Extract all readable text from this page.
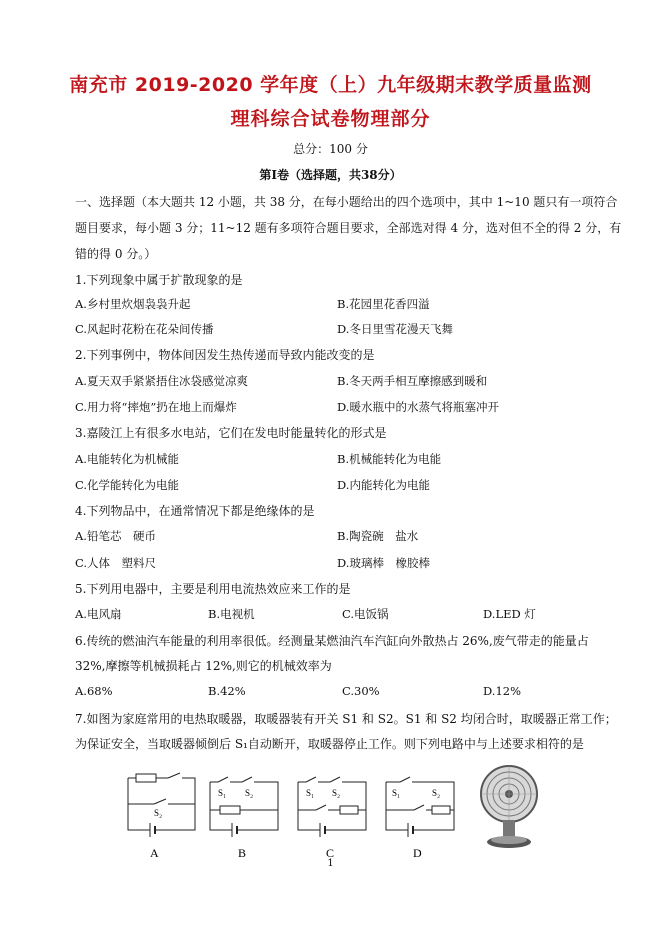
南充市 2019-2020 学年度（上）九年级期末教学质量监测
理科综合试卷物理部分
总分：100 分
第Ⅰ卷（选择题，共38分）
一、选择题（本大题共 12 小题，共 38 分，在每小题给出的四个选项中，其中 1~10 题只有一项符合
题目要求，每小题 3 分；11~12 题有多项符合题目要求，全部选对得 4 分，选对但不全的得 2 分，有
错的得 0 分。）
1.下列现象中属于扩散现象的是
A.乡村里炊烟袅袅升起	B.花园里花香四溢
C.风起时花粉在花朵间传播	D.冬日里雪花漫天飞舞
2.下列事例中，物体间因发生热传递而导致内能改变的是
A.夏天双手紧紧捂住冰袋感觉凉爽	B.冬天两手相互摩擦感到暖和
C.用力将“摔炮”扔在地上而爆炸	D.暖水瓶中的水蒸气将瓶塞冲开
3.嘉陵江上有很多水电站，它们在发电时能量转化的形式是
A.电能转化为机械能	B.机械能转化为电能
C.化学能转化为电能	D.内能转化为电能
4.下列物品中，在通常情况下都是绝缘体的是
A.铅笔芯　硬币	B.陶瓷碗　盐水
C.人体　塑料尺	D.玻璃棒　橡胶棒
5.下列用电器中，主要是利用电流热效应来工作的是
A.电风扇	B.电视机	C.电饭锅	D.LED 灯
6.传统的燃油汽车能量的利用率很低。经测量某燃油汽车汽缸向外散热占 26%,废气带走的能量占
32%,摩擦等机械损耗占 12%,则它的机械效率为
A.68%	B.42%	C.30%	D.12%
7.如图为家庭常用的电热取暖器，取暖器装有开关 S1 和 S2。S1 和 S2 均闭合时，取暖器正常工作；
为保证安全，当取暖器倾倒后 S₁自动断开，取暖器停止工作。则下列电路中与上述要求相符的是
S₂
A
S₁ S₂
B
S₁ S₂
C
S₁	S₂
D
1
